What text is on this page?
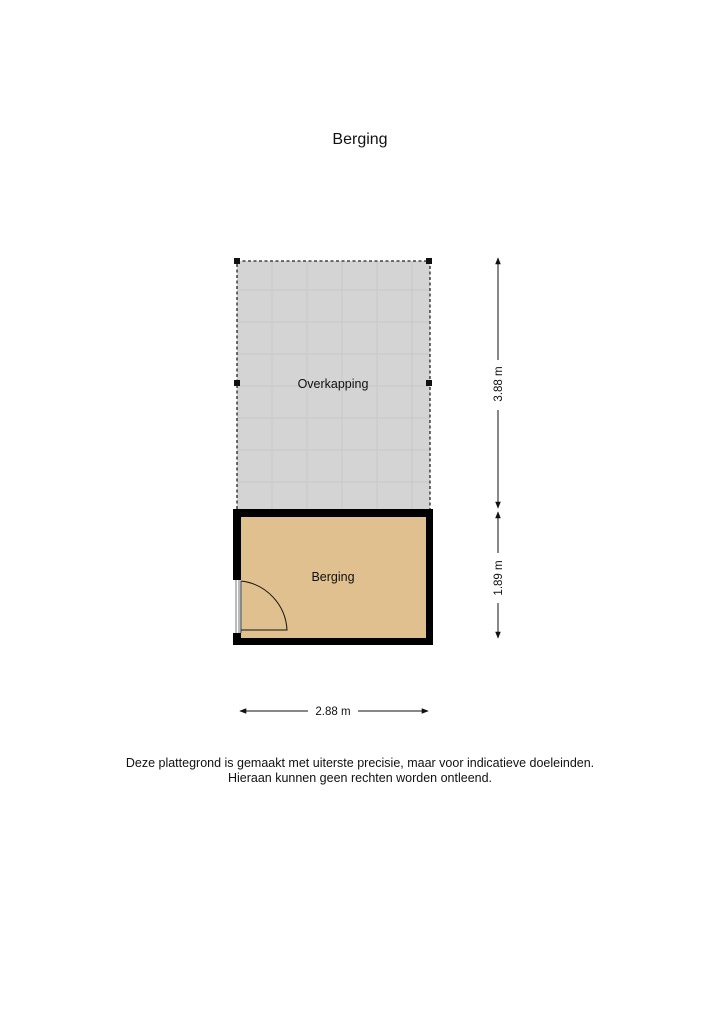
Berging
Overkapping
Berging
3.88 m
1.89 m
2.88 m
Deze plattegrond is gemaakt met uiterste precisie, maar voor indicatieve doeleinden.
Hieraan kunnen geen rechten worden ontleend.
